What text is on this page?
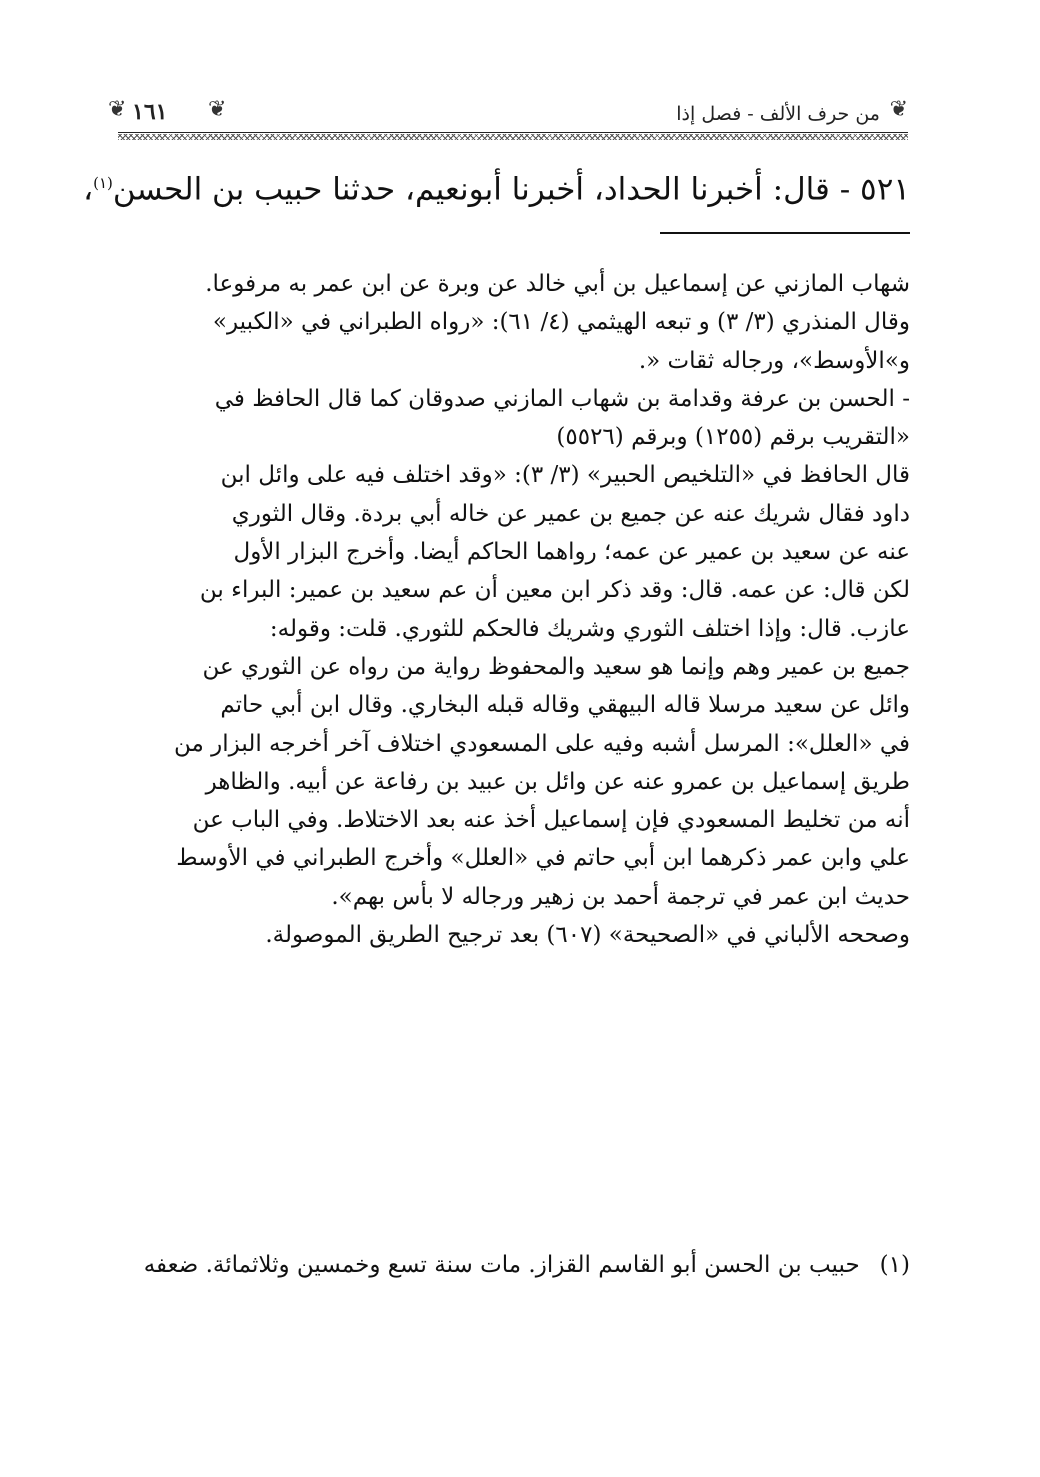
❦
من حرف الألف - فصل إذا
❦
١٦١
❦
٥٢١ - قال: أخبرنا الحداد، أخبرنا أبونعيم، حدثنا حبيب بن الحسن$^{(١)}$،

شهاب المازني عن إسماعيل بن أبي خالد عن وبرة عن ابن عمر به مرفوعا.

وقال المنذري (٣/ ٣) و تبعه الهيثمي (٤/ ٦١): «رواه الطبراني في «الكبير»

و»الأوسط»، ورجاله ثقات «.

- الحسن بن عرفة وقدامة بن شهاب المازني صدوقان كما قال الحافظ في

«التقريب برقم (١٢٥٥) وبرقم (٥٥٢٦)

قال الحافظ في «التلخيص الحبير» (٣/ ٣): «وقد اختلف فيه على وائل ابن

داود فقال شريك عنه عن جميع بن عمير عن خاله أبي بردة. وقال الثوري

عنه عن سعيد بن عمير عن عمه؛ رواهما الحاكم أيضا. وأخرج البزار الأول

لكن قال: عن عمه. قال: وقد ذكر ابن معين أن عم سعيد بن عمير: البراء بن

عازب. قال: وإذا اختلف الثوري وشريك فالحكم للثوري. قلت: وقوله:

جميع بن عمير وهم وإنما هو سعيد والمحفوظ رواية من رواه عن الثوري عن

وائل عن سعيد مرسلا قاله البيهقي وقاله قبله البخاري. وقال ابن أبي حاتم

في «العلل»: المرسل أشبه وفيه على المسعودي اختلاف آخر أخرجه البزار من

طريق إسماعيل بن عمرو عنه عن وائل بن عبيد بن رفاعة عن أبيه. والظاهر

أنه من تخليط المسعودي فإن إسماعيل أخذ عنه بعد الاختلاط. وفي الباب عن

علي وابن عمر ذكرهما ابن أبي حاتم في «العلل» وأخرج الطبراني في الأوسط

حديث ابن عمر في ترجمة أحمد بن زهير ورجاله لا بأس بهم».

وصححه الألباني في «الصحيحة» (٦٠٧) بعد ترجيح الطريق الموصولة.

(١)حبيب بن الحسن أبو القاسم القزاز. مات سنة تسع وخمسين وثلاثمائة. ضعفه
